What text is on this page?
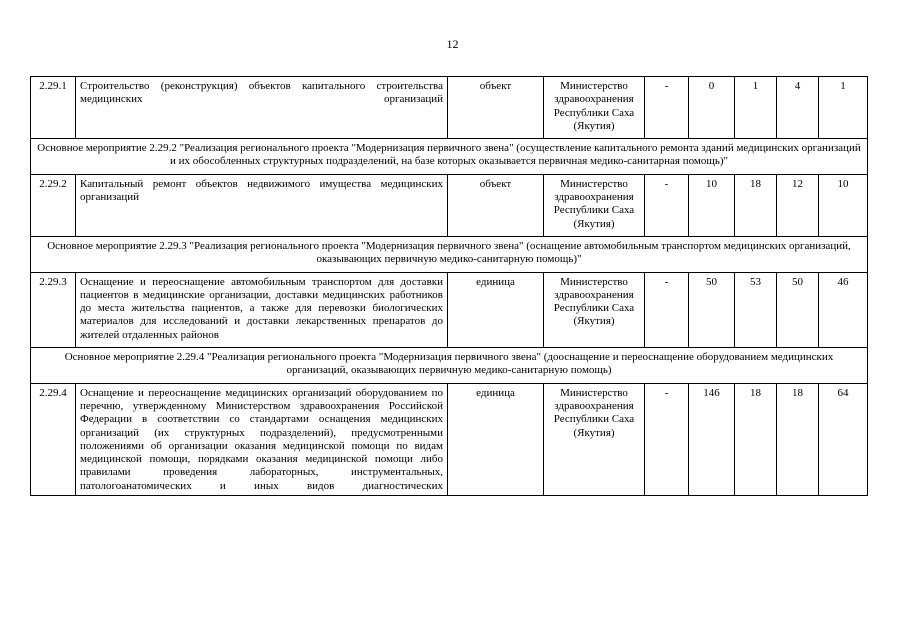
12
2.29.1	Строительство (реконструкция) объектов капитального строительства медицинских организаций	объект	Министерство здравоохранения Республики Саха (Якутия)	-	0	1	4	1
Основное мероприятие 2.29.2 "Реализация регионального проекта "Модернизация первичного звена" (осуществление капитального ремонта зданий медицинских организаций и их обособленных структурных подразделений, на базе которых оказывается первичная медико-санитарная помощь)"								
2.29.2	Капитальный ремонт объектов недвижимого имущества медицинских организаций	объект	Министерство здравоохранения Республики Саха (Якутия)	-	10	18	12	10
Основное мероприятие 2.29.3 "Реализация регионального проекта "Модернизация первичного звена" (оснащение автомобильным транспортом медицинских организаций, оказывающих первичную медико-санитарную помощь)"								
2.29.3	Оснащение и переоснащение автомобильным транспортом для доставки пациентов в медицинские организации, доставки медицинских работников до места жительства пациентов, а также для перевозки биологических материалов для исследований и доставки лекарственных препаратов до жителей отдаленных районов	единица	Министерство здравоохранения Республики Саха (Якутия)	-	50	53	50	46
Основное мероприятие 2.29.4 "Реализация регионального проекта "Модернизация первичного звена" (дооснащение и переоснащение оборудованием медицинских организаций, оказывающих первичную медико-санитарную помощь)								
2.29.4	Оснащение и переоснащение медицинских организаций оборудованием по перечню, утвержденному Министерством здравоохранения Российской Федерации в соответствии со стандартами оснащения медицинских организаций (их структурных подразделений), предусмотренными положениями об организации оказания медицинской помощи по видам медицинской помощи, порядками оказания медицинской помощи либо правилами проведения лабораторных, инструментальных, патологоанатомических и иных видов диагностических	единица	Министерство здравоохранения Республики Саха (Якутия)	-	146	18	18	64
